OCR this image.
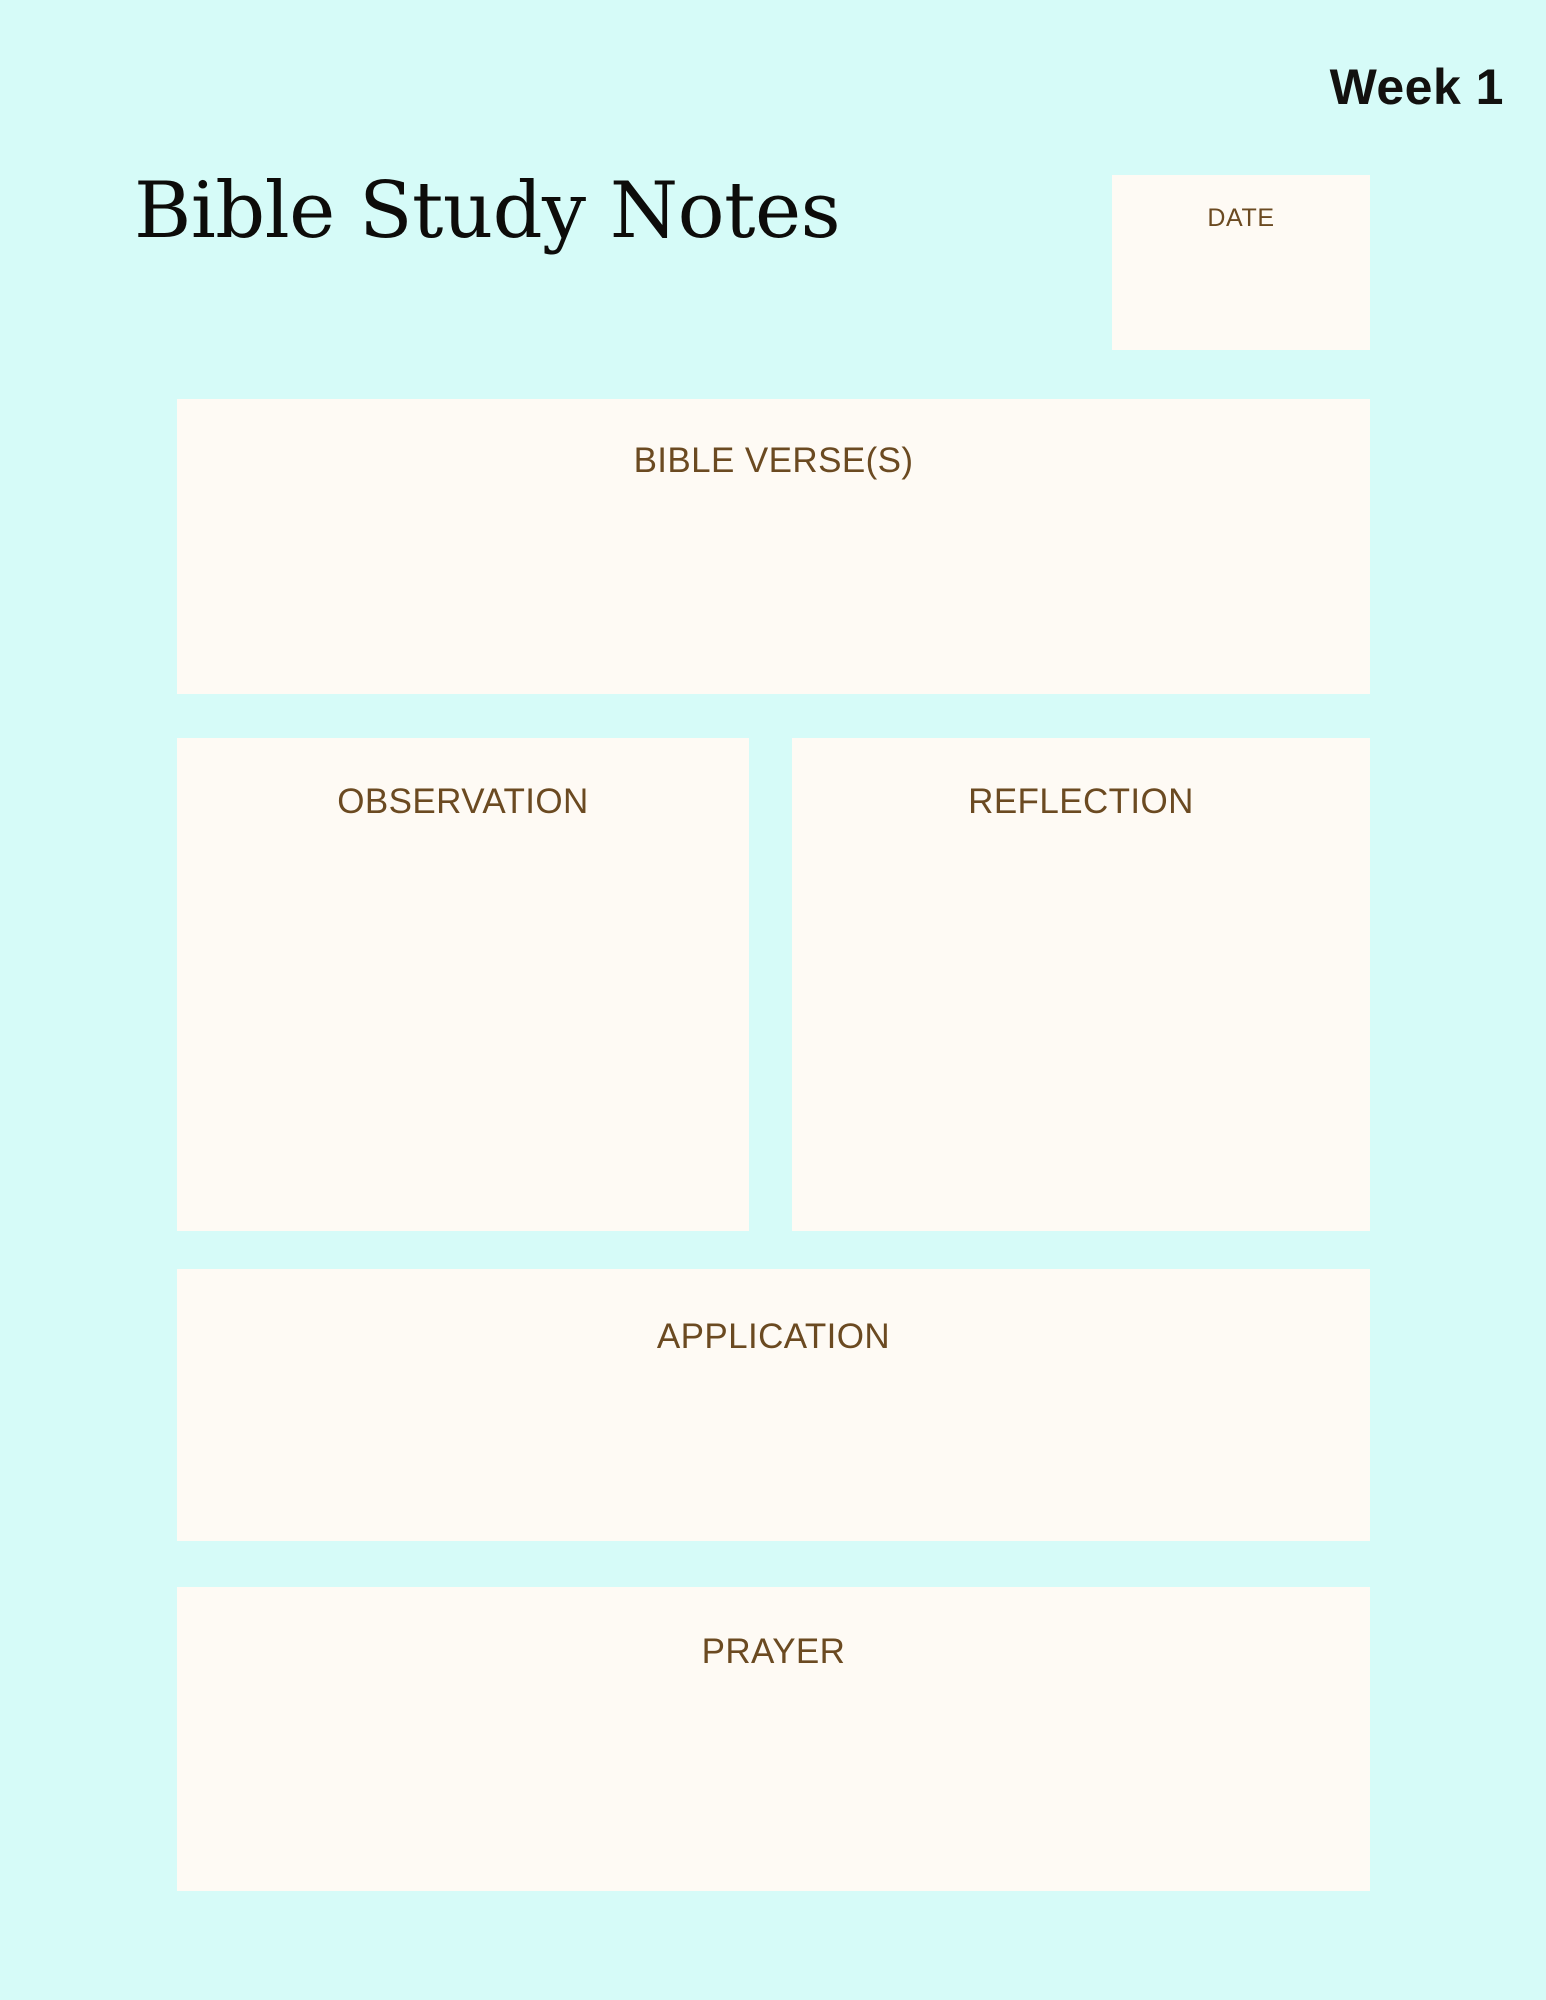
Week 1
Bible Study Notes	DATE
BIBLE VERSE(S)
OBSERVATION	REFLECTION
APPLICATION
PRAYER
